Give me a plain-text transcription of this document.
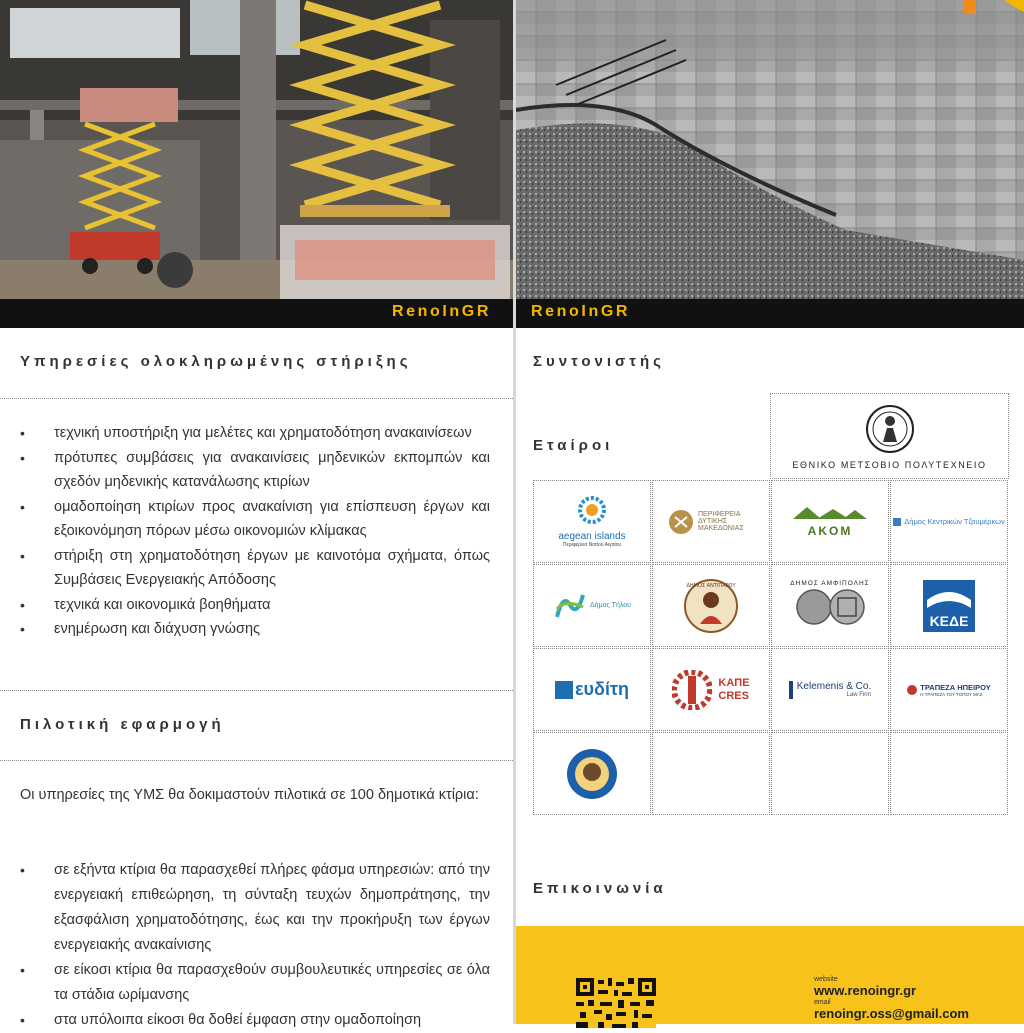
RenoInGR	RenoInGR
Υπηρεσίες ολοκληρωμένης στήριξης
• τεχνική υποστήριξη για μελέτες και χρηματοδότηση ανακαινίσεων
• πρότυπες συμβάσεις για ανακαινίσεις μηδενικών εκπομπών και σχεδόν μηδενικής κατανάλωσης κτιρίων
• ομαδοποίηση κτιρίων προς ανακαίνιση για επίσπευση έργων και εξοικονόμηση πόρων μέσω οικονομιών κλίμακας
• στήριξη στη χρηματοδότηση έργων με καινοτόμα σχήματα, όπως Συμβάσεις Ενεργειακής Απόδοσης
• τεχνικά και οικονομικά βοηθήματα
• ενημέρωση και διάχυση γνώσης
Πιλοτική εφαρμογή
Οι υπηρεσίες της ΥΜΣ θα δοκιμαστούν πιλοτικά σε 100 δημοτικά κτίρια:
• σε εξήντα κτίρια θα παρασχεθεί πλήρες φάσμα υπηρεσιών: από την ενεργειακή επιθεώρηση, τη σύνταξη τευχών δημοπράτησης, την εξασφάλιση χρηματοδότησης, έως και την προκήρυξη των έργων ενεργειακής ανακαίνισης
• σε είκοσι κτίρια θα παρασχεθούν συμβουλευτικές υπηρεσίες σε όλα τα στάδια ωρίμανσης
• στα υπόλοιπα είκοσι θα δοθεί έμφαση στην ομαδοποίηση
Συντονιστής
ΕΘΝΙΚΟ ΜΕΤΣΟΒΙΟ ΠΟΛΥΤΕΧΝΕΙΟ
Εταίροι
aegean islands
Περιφέρεια Νοτίου Αιγαίου
ΠΕΡΙΦΕΡΕΙΑ ΔΥΤΙΚΗΣ ΜΑΚΕΔΟΝΙΑΣ	AKOM
Δήμος Κεντρικών Τζουμέρκων
Δήμος Τήλου
ΔΗΜΟΣ ΑΝΤΙΠΑΡΟΥ	ΔΗΜΟΣ ΑΜΦΙΠΟΛΗΣ
ΚΕΔΕ
ευδίτη	ΚΑΠΕ
CRES
Kelemenis & Co.
Law Firm
ΤΡΑΠΕΖΑ ΗΠΕΙΡΟΥ
Η ΤΡΑΠΕΖΑ ΤΟΥ ΤΟΠΟΥ ΜΑΣ
Επικοινωνία
website
www.renoingr.gr
email
renoingr.oss@gmail.com
